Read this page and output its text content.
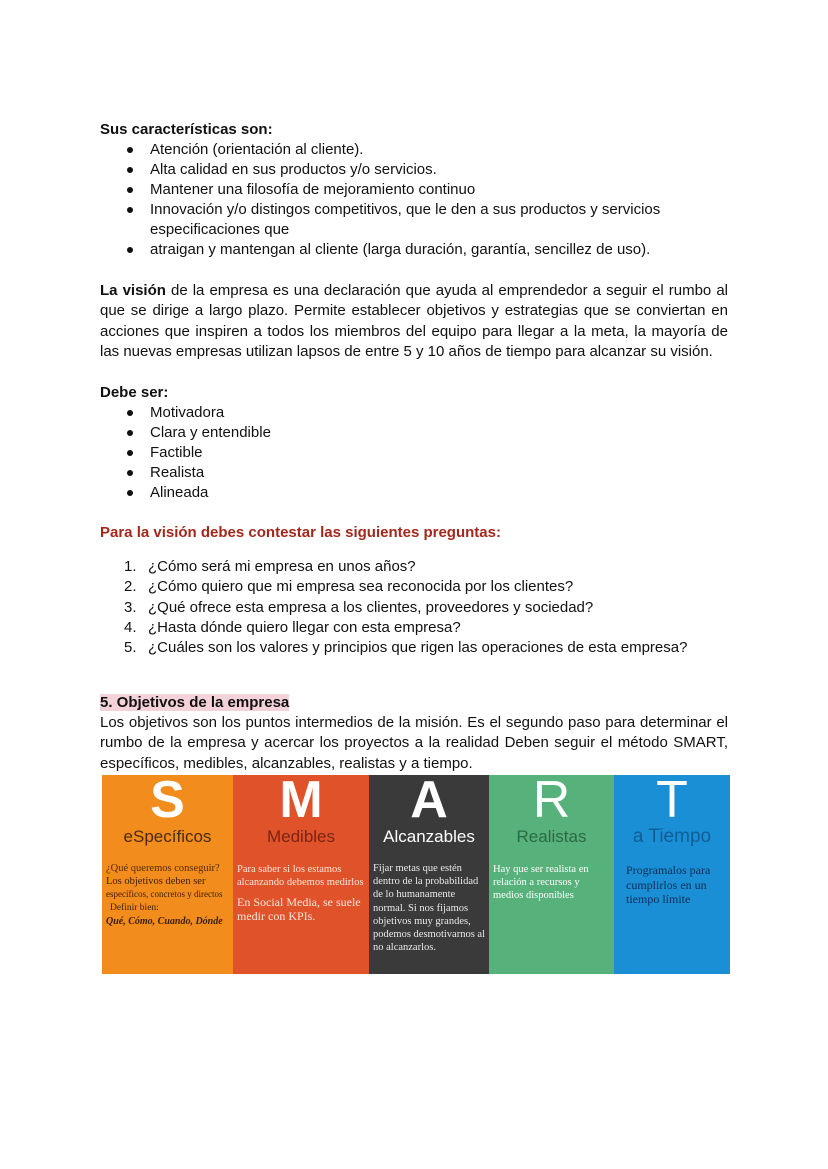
Sus características son:
Atención (orientación al cliente).
Alta calidad en sus productos y/o servicios.
Mantener una filosofía de mejoramiento continuo
Innovación y/o distingos competitivos, que le den a sus productos y servicios especificaciones que
atraigan y mantengan al cliente (larga duración, garantía, sencillez de uso).

La visión de la empresa es una declaración que ayuda al emprendedor a seguir el rumbo al que se dirige a largo plazo. Permite establecer objetivos y estrategias que se conviertan en acciones que inspiren a todos los miembros del equipo para llegar a la meta, la mayoría de las nuevas empresas utilizan lapsos de entre 5 y 10 años de tiempo para alcanzar su visión.

Debe ser:
Motivadora
Clara y entendible
Factible
Realista
Alineada
Para la visión debes contestar las siguientes preguntas:
1. ¿Cómo será mi empresa en unos años?
2. ¿Cómo quiero que mi empresa sea reconocida por los clientes?
3. ¿Qué ofrece esta empresa a los clientes, proveedores y sociedad?
4. ¿Hasta dónde quiero llegar con esta empresa?
5. ¿Cuáles son los valores y principios que rigen las operaciones de esta empresa?
5. Objetivos de la empresa

Los objetivos son los puntos intermedios de la misión. Es el segundo paso para determinar el rumbo de la empresa y acercar los proyectos a la realidad Deben seguir el método SMART, específicos, medibles, alcanzables, realistas y a tiempo.

S
eSpecíficos
¿Qué queremos conseguir?
Los objetivos deben ser
específicos, concretos y directos
Definir bien:
Qué, Cómo, Cuando, Dónde
M
Medibles
Para saber si los estamos alcanzando debemos medirlos
En Social Media, se suele medir con KPIs.
A
Alcanzables
Fijar metas que estén dentro de la probabilidad de lo humanamente normal. Si nos fijamos objetivos muy grandes, podemos desmotivarnos al no alcanzarlos.
R
Realistas
Hay que ser realista en relación a recursos y medios disponibles
T
a Tiempo
Programalos para cumplirlos en un tiempo límite
